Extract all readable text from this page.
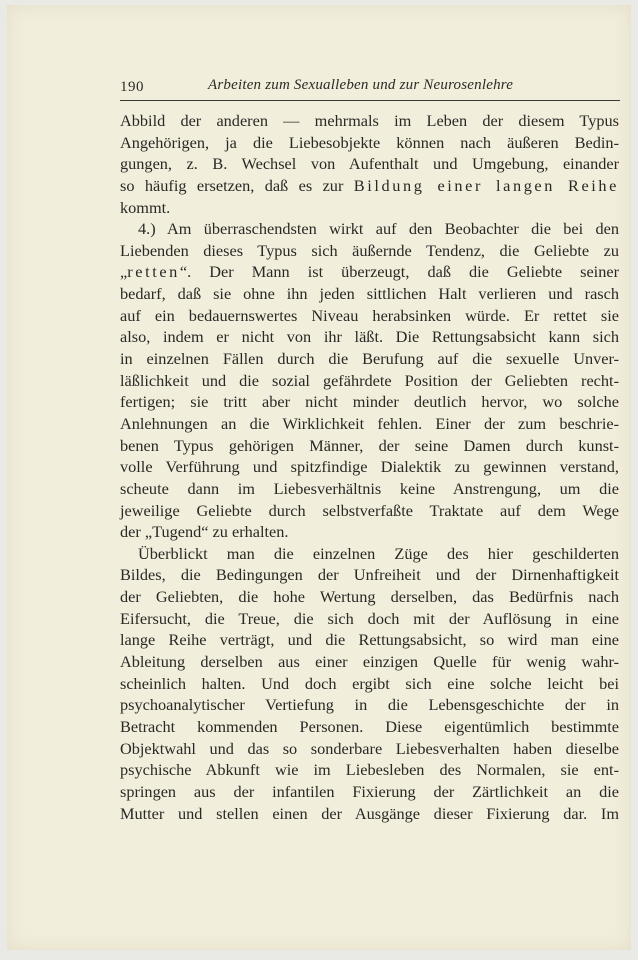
190	Arbeiten zum Sexualleben und zur Neurosenlehre
Abbild der anderen — mehrmals im Leben der diesem Typus
Angehörigen, ja die Liebesobjekte können nach äußeren Bedin-
gungen, z. B. Wechsel von Aufenthalt und Umgebung, einander
so häufig ersetzen, daß es zur Bildung einer langen Reihe
kommt.
4.) Am überraschendsten wirkt auf den Beobachter die bei den
Liebenden dieses Typus sich äußernde Tendenz, die Geliebte zu
„retten“. Der Mann ist überzeugt, daß die Geliebte seiner
bedarf, daß sie ohne ihn jeden sittlichen Halt verlieren und rasch
auf ein bedauernswertes Niveau herabsinken würde. Er rettet sie
also, indem er nicht von ihr läßt. Die Rettungsabsicht kann sich
in einzelnen Fällen durch die Berufung auf die sexuelle Unver-
läßlichkeit und die sozial gefährdete Position der Geliebten recht-
fertigen; sie tritt aber nicht minder deutlich hervor, wo solche
Anlehnungen an die Wirklichkeit fehlen. Einer der zum beschrie-
benen Typus gehörigen Männer, der seine Damen durch kunst-
volle Verführung und spitzfindige Dialektik zu gewinnen verstand,
scheute dann im Liebesverhältnis keine Anstrengung, um die
jeweilige Geliebte durch selbstverfaßte Traktate auf dem Wege
der „Tugend“ zu erhalten.
Überblickt man die einzelnen Züge des hier geschilderten
Bildes, die Bedingungen der Unfreiheit und der Dirnenhaftigkeit
der Geliebten, die hohe Wertung derselben, das Bedürfnis nach
Eifersucht, die Treue, die sich doch mit der Auflösung in eine
lange Reihe verträgt, und die Rettungsabsicht, so wird man eine
Ableitung derselben aus einer einzigen Quelle für wenig wahr-
scheinlich halten. Und doch ergibt sich eine solche leicht bei
psychoanalytischer Vertiefung in die Lebensgeschichte der in
Betracht kommenden Personen. Diese eigentümlich bestimmte
Objektwahl und das so sonderbare Liebesverhalten haben dieselbe
psychische Abkunft wie im Liebesleben des Normalen, sie ent-
springen aus der infantilen Fixierung der Zärtlichkeit an die
Mutter und stellen einen der Ausgänge dieser Fixierung dar. Im
